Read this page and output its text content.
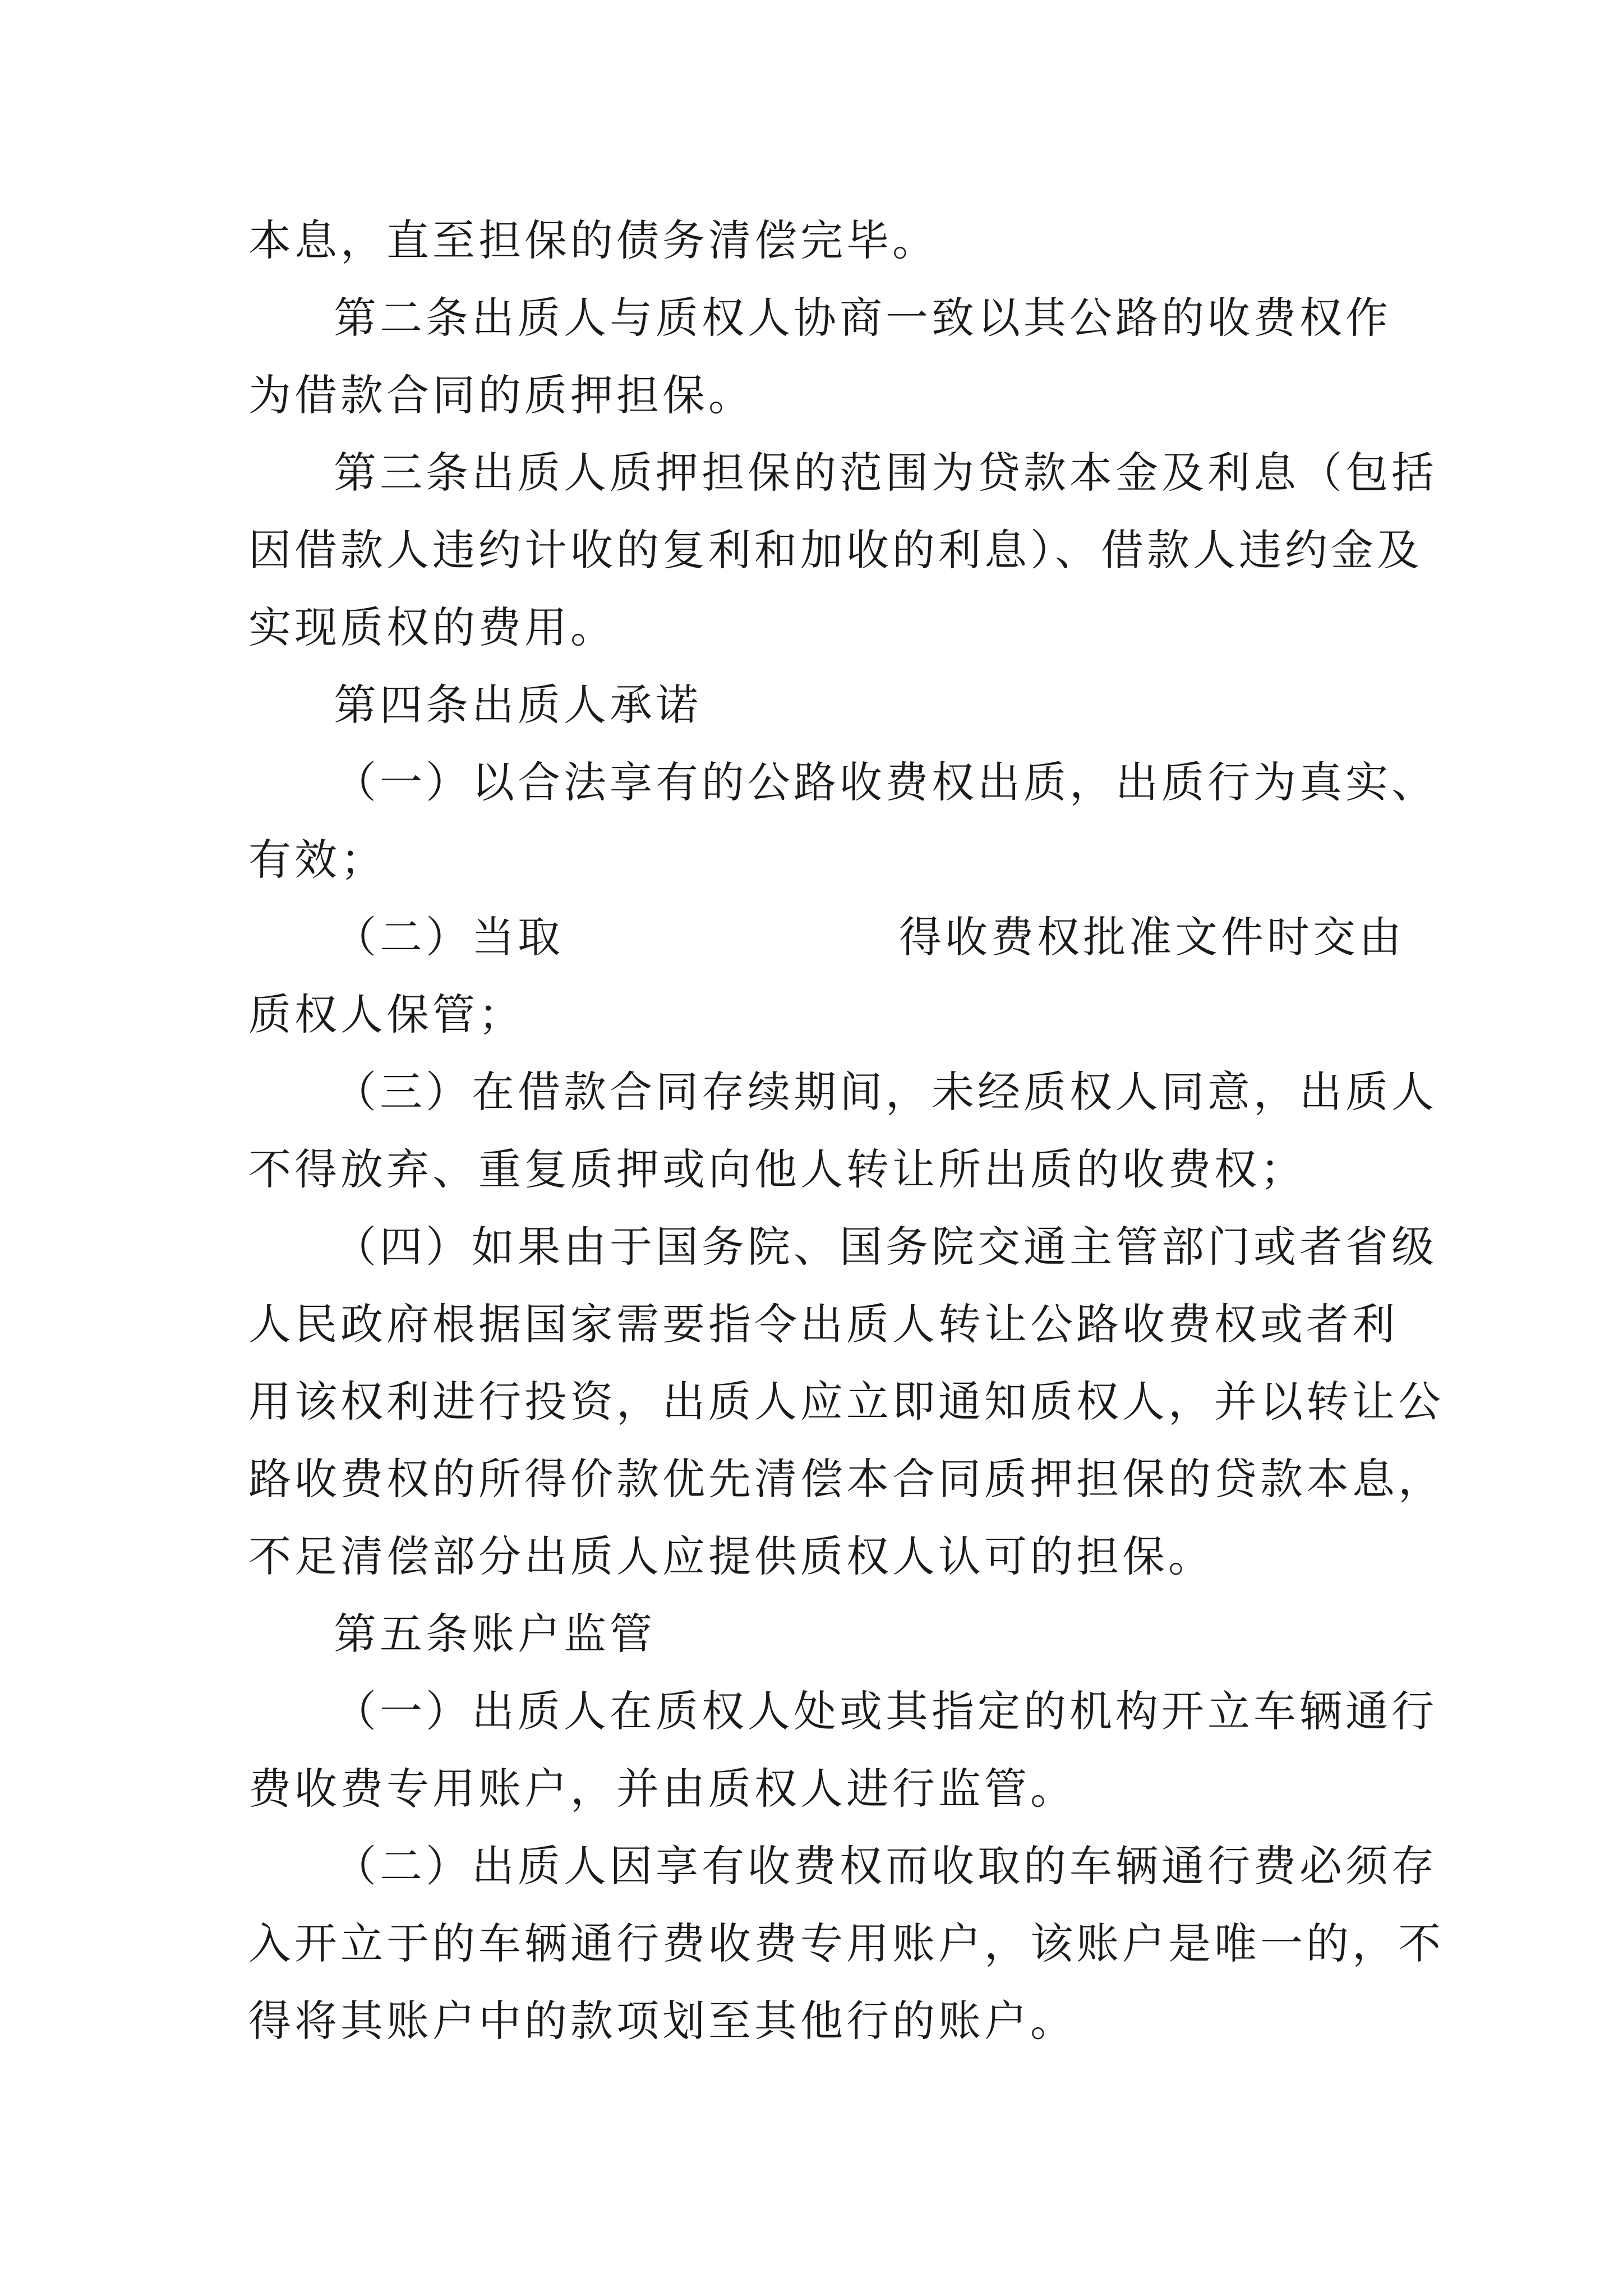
本息，直至担保的债务清偿完毕。
第二条出质人与质权人协商一致以其公路的收费权作
为借款合同的质押担保。
第三条出质人质押担保的范围为贷款本金及利息（包括
因借款人违约计收的复利和加收的利息）、借款人违约金及
实现质权的费用。
第四条出质人承诺
（一）以合法享有的公路收费权出质，出质行为真实、
有效；
（二）当取	得收费权批准文件时交由
质权人保管；
（三）在借款合同存续期间，未经质权人同意，出质人
不得放弃、重复质押或向他人转让所出质的收费权；
（四）如果由于国务院、国务院交通主管部门或者省级
人民政府根据国家需要指令出质人转让公路收费权或者利
用该权利进行投资，出质人应立即通知质权人，并以转让公
路收费权的所得价款优先清偿本合同质押担保的贷款本息，
不足清偿部分出质人应提供质权人认可的担保。
第五条账户监管
（一）出质人在质权人处或其指定的机构开立车辆通行
费收费专用账户，并由质权人进行监管。
（二）出质人因享有收费权而收取的车辆通行费必须存
入开立于的车辆通行费收费专用账户，该账户是唯一的，不
得将其账户中的款项划至其他行的账户。
